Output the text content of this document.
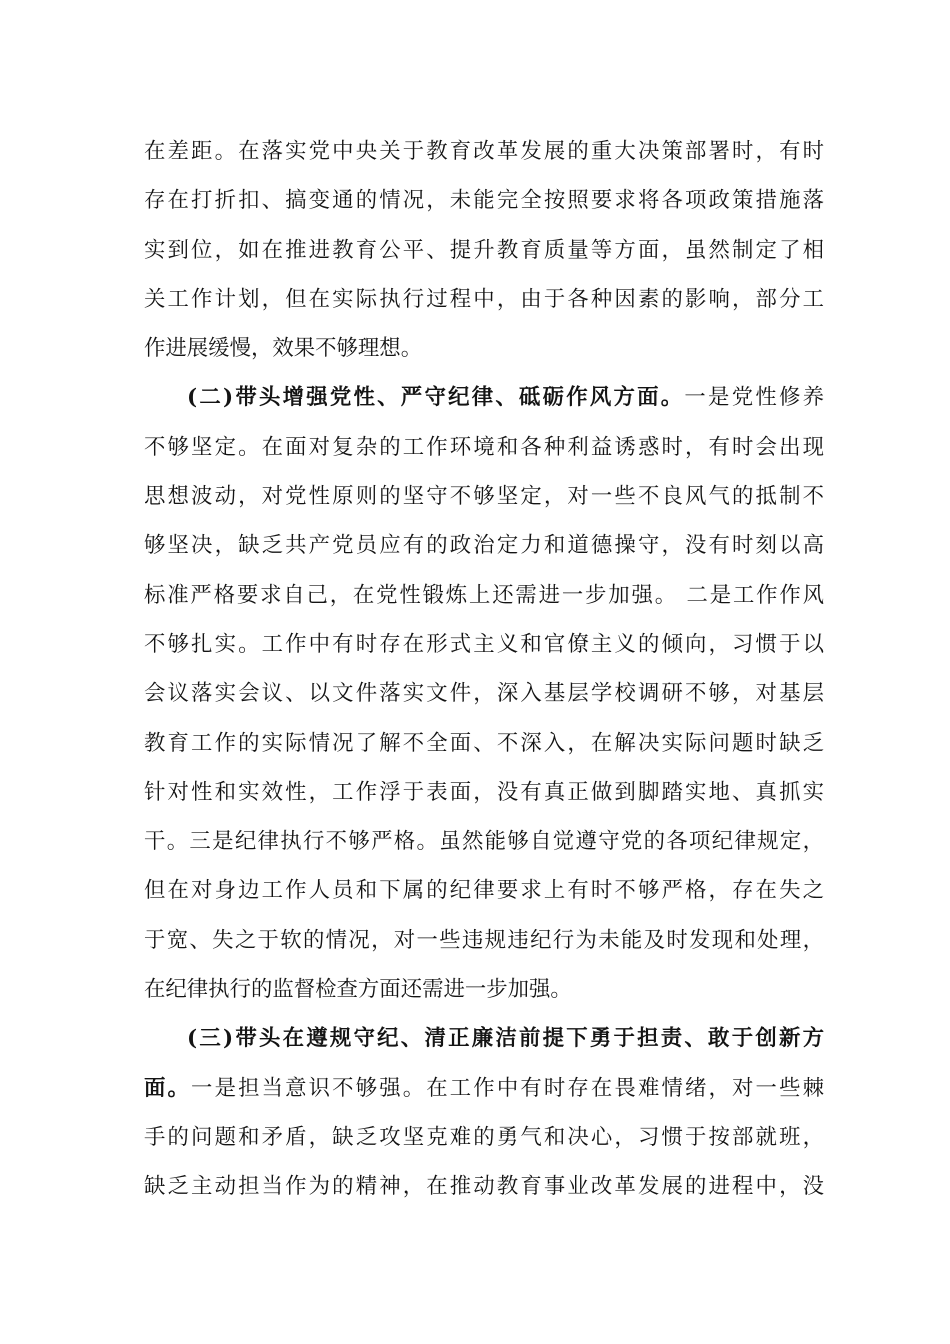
在差距。在落实党中央关于教育改革发展的重大决策部署时，有时
存在打折扣、搞变通的情况，未能完全按照要求将各项政策措施落
实到位，如在推进教育公平、提升教育质量等方面，虽然制定了相
关工作计划，但在实际执行过程中，由于各种因素的影响，部分工
作进展缓慢，效果不够理想。
(二)带头增强党性、严守纪律、砥砺作风方面。一是党性修养
不够坚定。在面对复杂的工作环境和各种利益诱惑时，有时会出现
思想波动，对党性原则的坚守不够坚定，对一些不良风气的抵制不
够坚决，缺乏共产党员应有的政治定力和道德操守，没有时刻以高
标准严格要求自己，在党性锻炼上还需进一步加强。 二是工作作风
不够扎实。工作中有时存在形式主义和官僚主义的倾向，习惯于以
会议落实会议、以文件落实文件，深入基层学校调研不够，对基层
教育工作的实际情况了解不全面、不深入，在解决实际问题时缺乏
针对性和实效性，工作浮于表面，没有真正做到脚踏实地、真抓实
干。三是纪律执行不够严格。虽然能够自觉遵守党的各项纪律规定，
但在对身边工作人员和下属的纪律要求上有时不够严格，存在失之
于宽、失之于软的情况，对一些违规违纪行为未能及时发现和处理，
在纪律执行的监督检查方面还需进一步加强。
(三)带头在遵规守纪、清正廉洁前提下勇于担责、敢于创新方
面。一是担当意识不够强。在工作中有时存在畏难情绪，对一些棘
手的问题和矛盾，缺乏攻坚克难的勇气和决心，习惯于按部就班，
缺乏主动担当作为的精神，在推动教育事业改革发展的进程中，没
